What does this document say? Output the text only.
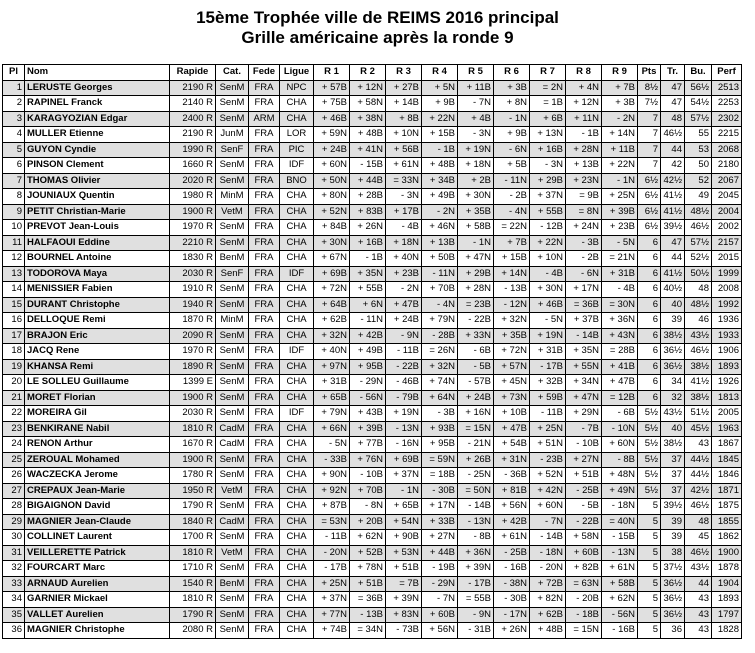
15ème Trophée ville de REIMS 2016 principal
Grille américaine après la ronde 9
Pl	Nom	Rapide	Cat.	Fede	Ligue	R 1	R 2	R 3	R 4	R 5	R 6	R 7	R 8	R 9	Pts	Tr.	Bu.	Perf
1	LERUSTE Georges	2190 R	SenM	FRA	NPC	+ 57B	+ 12N	+ 27B	+ 5N	+ 11B	+ 3B	= 2N	+ 4N	+ 7B	8½	47	56½	2513
2	RAPINEL Franck	2140 R	SenM	FRA	CHA	+ 75B	+ 58N	+ 14B	+ 9B	- 7N	+ 8N	= 1B	+ 12N	+ 3B	7½	47	54½	2253
3	KARAGYOZIAN Edgar	2400 R	SenM	ARM	CHA	+ 46B	+ 38N	+ 8B	+ 22N	+ 4B	- 1N	+ 6B	+ 11N	- 2N	7	48	57½	2302
4	MULLER Etienne	2190 R	JunM	FRA	LOR	+ 59N	+ 48B	+ 10N	+ 15B	- 3N	+ 9B	+ 13N	- 1B	+ 14N	7	46½	55	2215
5	GUYON Cyndie	1990 R	SenF	FRA	PIC	+ 24B	+ 41N	+ 56B	- 1B	+ 19N	- 6N	+ 16B	+ 28N	+ 11B	7	44	53	2068
6	PINSON Clement	1660 R	SenM	FRA	IDF	+ 60N	- 15B	+ 61N	+ 48B	+ 18N	+ 5B	- 3N	+ 13B	+ 22N	7	42	50	2180
7	THOMAS Olivier	2020 R	SenM	FRA	BNO	+ 50N	+ 44B	= 33N	+ 34B	+ 2B	- 11N	+ 29B	+ 23N	- 1N	6½	42½	52	2067
8	JOUNIAUX Quentin	1980 R	MinM	FRA	CHA	+ 80N	+ 28B	- 3N	+ 49B	+ 30N	- 2B	+ 37N	= 9B	+ 25N	6½	41½	49	2045
9	PETIT Christian-Marie	1900 R	VetM	FRA	CHA	+ 52N	+ 83B	+ 17B	- 2N	+ 35B	- 4N	+ 55B	= 8N	+ 39B	6½	41½	48½	2004
10	PREVOT Jean-Louis	1970 R	SenM	FRA	CHA	+ 84B	+ 26N	- 4B	+ 46N	+ 58B	= 22N	- 12B	+ 24N	+ 23B	6½	39½	46½	2002
11	HALFAOUI Eddine	2210 R	SenM	FRA	CHA	+ 30N	+ 16B	+ 18N	+ 13B	- 1N	+ 7B	+ 22N	- 3B	- 5N	6	47	57½	2157
12	BOURNEL Antoine	1830 R	BenM	FRA	CHA	+ 67N	- 1B	+ 40N	+ 50B	+ 47N	+ 15B	+ 10N	- 2B	= 21N	6	44	52½	2015
13	TODOROVA Maya	2030 R	SenF	FRA	IDF	+ 69B	+ 35N	+ 23B	- 11N	+ 29B	+ 14N	- 4B	- 6N	+ 31B	6	41½	50½	1999
14	MENISSIER Fabien	1910 R	SenM	FRA	CHA	+ 72N	+ 55B	- 2N	+ 70B	+ 28N	- 13B	+ 30N	+ 17N	- 4B	6	40½	48	2008
15	DURANT Christophe	1940 R	SenM	FRA	CHA	+ 64B	+ 6N	+ 47B	- 4N	= 23B	- 12N	+ 46B	= 36B	= 30N	6	40	48½	1992
16	DELLOQUE Remi	1870 R	MinM	FRA	CHA	+ 62B	- 11N	+ 24B	+ 79N	- 22B	+ 32N	- 5N	+ 37B	+ 36N	6	39	46	1936
17	BRAJON Eric	2090 R	SenM	FRA	CHA	+ 32N	+ 42B	- 9N	- 28B	+ 33N	+ 35B	+ 19N	- 14B	+ 43N	6	38½	43½	1933
18	JACQ Rene	1970 R	SenM	FRA	IDF	+ 40N	+ 49B	- 11B	= 26N	- 6B	+ 72N	+ 31B	+ 35N	= 28B	6	36½	46½	1906
19	KHANSA Remi	1890 R	SenM	FRA	CHA	+ 97N	+ 95B	- 22B	+ 32N	- 5B	+ 57N	- 17B	+ 55N	+ 41B	6	36½	38½	1893
20	LE SOLLEU Guillaume	1399 E	SenM	FRA	CHA	+ 31B	- 29N	- 46B	+ 74N	- 57B	+ 45N	+ 32B	+ 34N	+ 47B	6	34	41½	1926
21	MORET Florian	1900 R	SenM	FRA	CHA	+ 65B	- 56N	- 79B	+ 64N	+ 24B	+ 73N	+ 59B	+ 47N	= 12B	6	32	38½	1813
22	MOREIRA Gil	2030 R	SenM	FRA	IDF	+ 79N	+ 43B	+ 19N	- 3B	+ 16N	+ 10B	- 11B	+ 29N	- 6B	5½	43½	51½	2005
23	BENKIRANE Nabil	1810 R	CadM	FRA	CHA	+ 66N	+ 39B	- 13N	+ 93B	= 15N	+ 47B	+ 25N	- 7B	- 10N	5½	40	45½	1963
24	RENON Arthur	1670 R	CadM	FRA	CHA	- 5N	+ 77B	- 16N	+ 95B	- 21N	+ 54B	+ 51N	- 10B	+ 60N	5½	38½	43	1867
25	ZEROUAL Mohamed	1900 R	SenM	FRA	CHA	- 33B	+ 76N	+ 69B	= 59N	+ 26B	+ 31N	- 23B	+ 27N	- 8B	5½	37	44½	1845
26	WACZECKA Jerome	1780 R	SenM	FRA	CHA	+ 90N	- 10B	+ 37N	= 18B	- 25N	- 36B	+ 52N	+ 51B	+ 48N	5½	37	44½	1846
27	CREPAUX Jean-Marie	1950 R	VetM	FRA	CHA	+ 92N	+ 70B	- 1N	- 30B	= 50N	+ 81B	+ 42N	- 25B	+ 49N	5½	37	42½	1871
28	BIGAIGNON David	1790 R	SenM	FRA	CHA	+ 87B	- 8N	+ 65B	+ 17N	- 14B	+ 56N	+ 60N	- 5B	- 18N	5	39½	46½	1875
29	MAGNIER Jean-Claude	1840 R	CadM	FRA	CHA	= 53N	+ 20B	+ 54N	+ 33B	- 13N	+ 42B	- 7N	- 22B	= 40N	5	39	48	1855
30	COLLINET Laurent	1700 R	SenM	FRA	CHA	- 11B	+ 62N	+ 90B	+ 27N	- 8B	+ 61N	- 14B	+ 58N	- 15B	5	39	45	1862
31	VEILLERETTE Patrick	1810 R	VetM	FRA	CHA	- 20N	+ 52B	+ 53N	+ 44B	+ 36N	- 25B	- 18N	+ 60B	- 13N	5	38	46½	1900
32	FOURCART Marc	1710 R	SenM	FRA	CHA	- 17B	+ 78N	+ 51B	- 19B	+ 39N	- 16B	- 20N	+ 82B	+ 61N	5	37½	43½	1878
33	ARNAUD Aurelien	1540 R	BenM	FRA	CHA	+ 25N	+ 51B	= 7B	- 29N	- 17B	- 38N	+ 72B	= 63N	+ 58B	5	36½	44	1904
34	GARNIER Mickael	1810 R	SenM	FRA	CHA	+ 37N	= 36B	+ 39N	- 7N	= 55B	- 30B	+ 82N	- 20B	+ 62N	5	36½	43	1893
35	VALLET Aurelien	1790 R	SenM	FRA	CHA	+ 77N	- 13B	+ 83N	+ 60B	- 9N	- 17N	+ 62B	- 18B	- 56N	5	36½	43	1797
36	MAGNIER Christophe	2080 R	SenM	FRA	CHA	+ 74B	= 34N	- 73B	+ 56N	- 31B	+ 26N	+ 48B	= 15N	- 16B	5	36	43	1828
